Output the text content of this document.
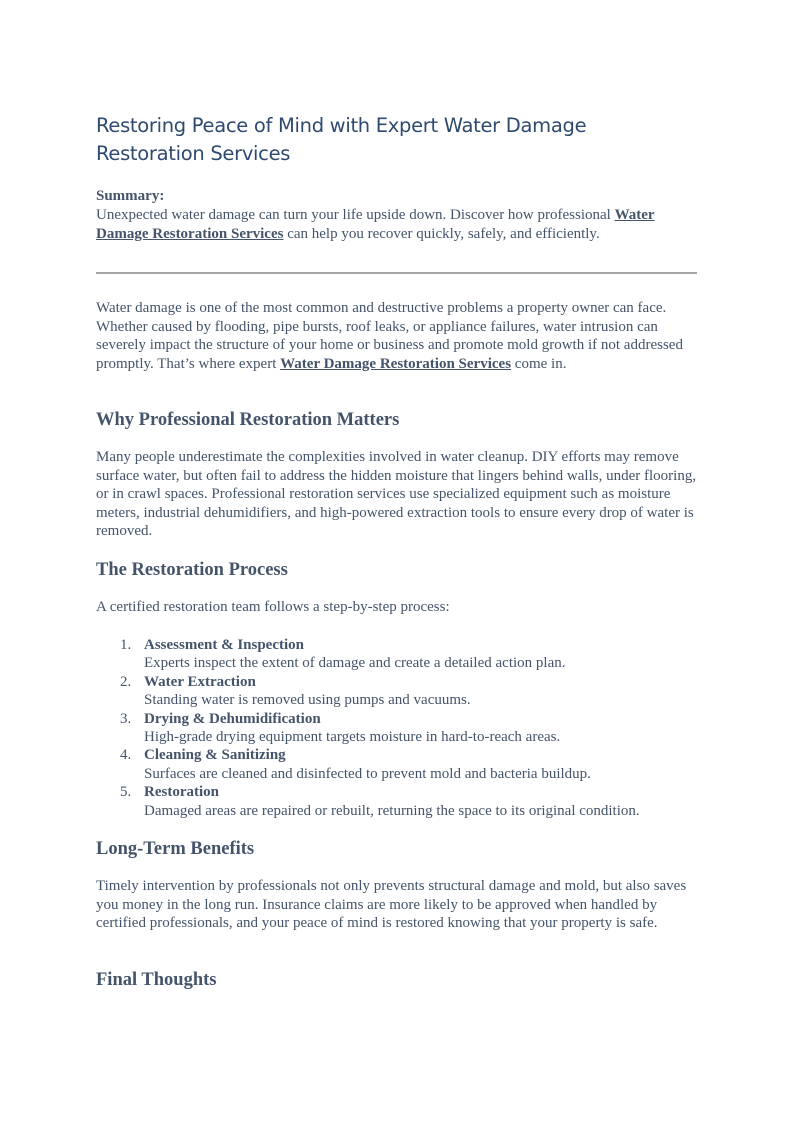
Restoring Peace of Mind with Expert Water Damage Restoration Services
Summary:
Unexpected water damage can turn your life upside down. Discover how professional Water Damage Restoration Services can help you recover quickly, safely, and efficiently.

Water damage is one of the most common and destructive problems a property owner can face. Whether caused by flooding, pipe bursts, roof leaks, or appliance failures, water intrusion can severely impact the structure of your home or business and promote mold growth if not addressed promptly. That’s where expert Water Damage Restoration Services come in.

Why Professional Restoration Matters

Many people underestimate the complexities involved in water cleanup. DIY efforts may remove surface water, but often fail to address the hidden moisture that lingers behind walls, under flooring, or in crawl spaces. Professional restoration services use specialized equipment such as moisture meters, industrial dehumidifiers, and high-powered extraction tools to ensure every drop of water is removed.

The Restoration Process

A certified restoration team follows a step-by-step process:

1. Assessment & Inspection
Experts inspect the extent of damage and create a detailed action plan.
2. Water Extraction
Standing water is removed using pumps and vacuums.
3. Drying & Dehumidification
High-grade drying equipment targets moisture in hard-to-reach areas.
4. Cleaning & Sanitizing
Surfaces are cleaned and disinfected to prevent mold and bacteria buildup.
5. Restoration
Damaged areas are repaired or rebuilt, returning the space to its original condition.
Long-Term Benefits

Timely intervention by professionals not only prevents structural damage and mold, but also saves you money in the long run. Insurance claims are more likely to be approved when handled by certified professionals, and your peace of mind is restored knowing that your property is safe.

Final Thoughts
